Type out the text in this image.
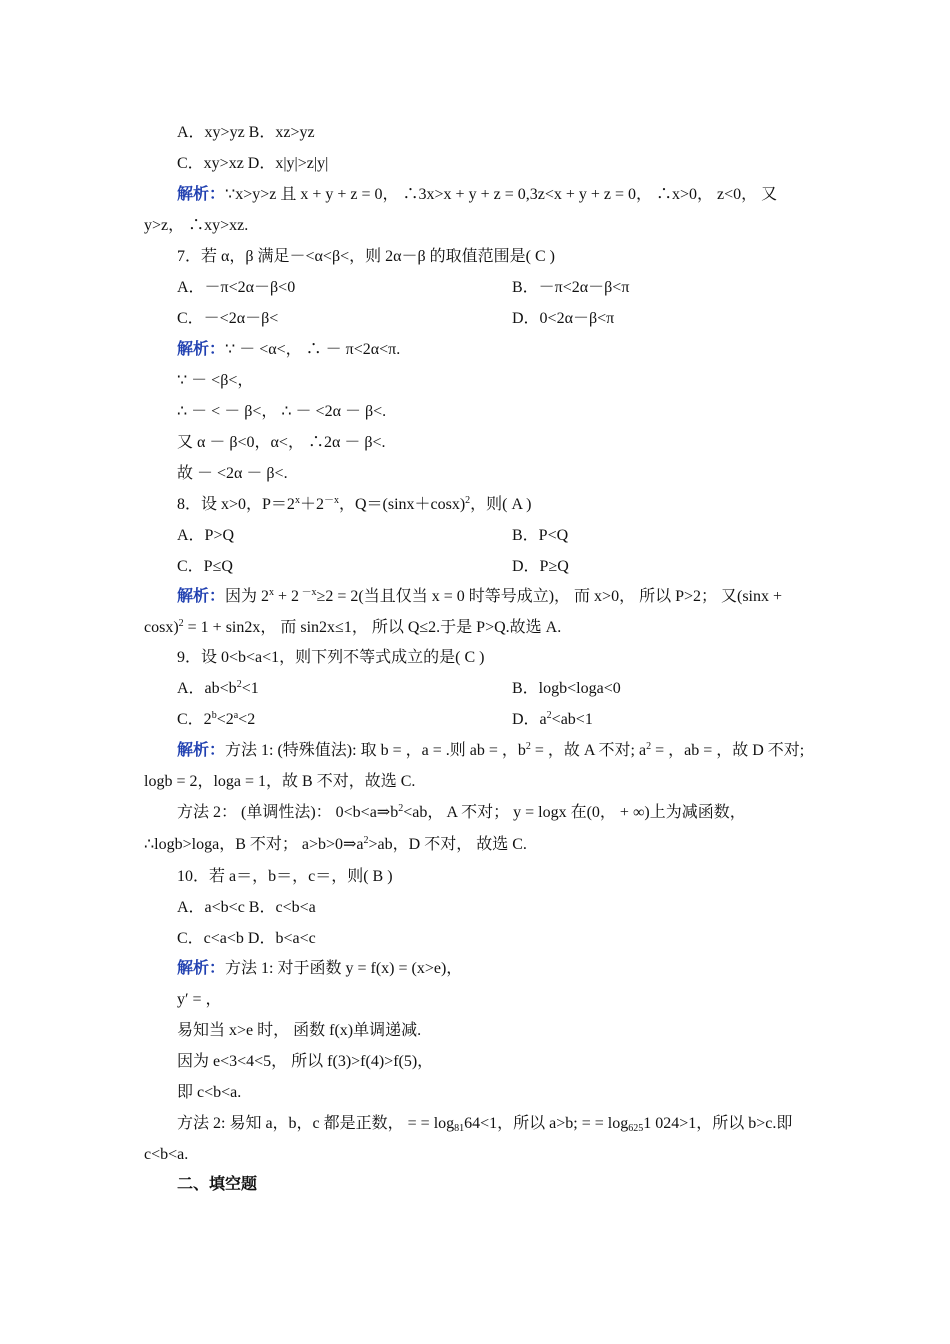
A．xy>yz B．xz>yz
C．xy>xz D．x|y|>z|y|
解析：∵x>y>z 且 x + y + z = 0， ∴3x>x + y + z = 0,3z<x + y + z = 0， ∴x>0， z<0， 又
y>z， ∴xy>xz.
7．若 α，β 满足－<α<β<，则 2α－β 的取值范围是( C )
A．－π<2α－β<0	B．－π<2α－β<π
C．－<2α－β<	D．0<2α－β<π
解析：∵ － <α<， ∴ － π<2α<π.
∵ － <β<，
∴ － < － β<， ∴ － <2α － β<.
又 α － β<0，α<， ∴2α － β<.
故 － <2α － β<.
8．设 x>0，$P=2^x+2^{-x}$，$Q=(\sin x+\cos x)^2$，则( A )
A．P>Q	B．P<Q
C．P≤Q	D．P≥Q
解析：因为 $2^x + 2$ $^{-x}$≥2 = 2(当且仅当 x = 0 时等号成立)， 而 x>0， 所以 P>2； 又(sinx +
cosx)$^2$ = 1 + sin2x， 而 sin2x≤1， 所以 Q≤2.于是 P>Q.故选 A.
9．设 0<b<a<1，则下列不等式成立的是( C )
A．$ab<b^2<1$	B．logb<loga<0
C．$2^b<2^a<2$	D．$a^2<ab<1$
解析：方法 1: (特殊值法): 取 b = ，a = .则 ab = ，$b^2$ = ，故 A 不对; $a^2$ = ，ab = ，故 D 不对;
logb = 2，loga = 1，故 B 不对，故选 C.
方法 2： (单调性法)： $0<b<a\Rightarrow b^2<ab$， A 不对； y = logx 在(0， + ∞)上为减函数，
∴logb>loga，B 不对； $a>b>0\Rightarrow a^2>ab$，D 不对， 故选 C.
10．若 a＝，b＝，c＝，则( B )
A．a<b<c B．c<b<a
C．c<a<b D．b<a<c
解析：方法 1: 对于函数 y = f(x) = (x>e)，
y′ = ，
易知当 x>e 时， 函数 f(x)单调递减.
因为 e<3<4<5， 所以 f(3)>f(4)>f(5)，
即 c<b<a.
方法 2: 易知 a，b，c 都是正数， = = $\log_{81}64<1$，所以 a>b; = = $\log_{625}1$ 024>1，所以 b>c.即
c<b<a.
二、填空题
